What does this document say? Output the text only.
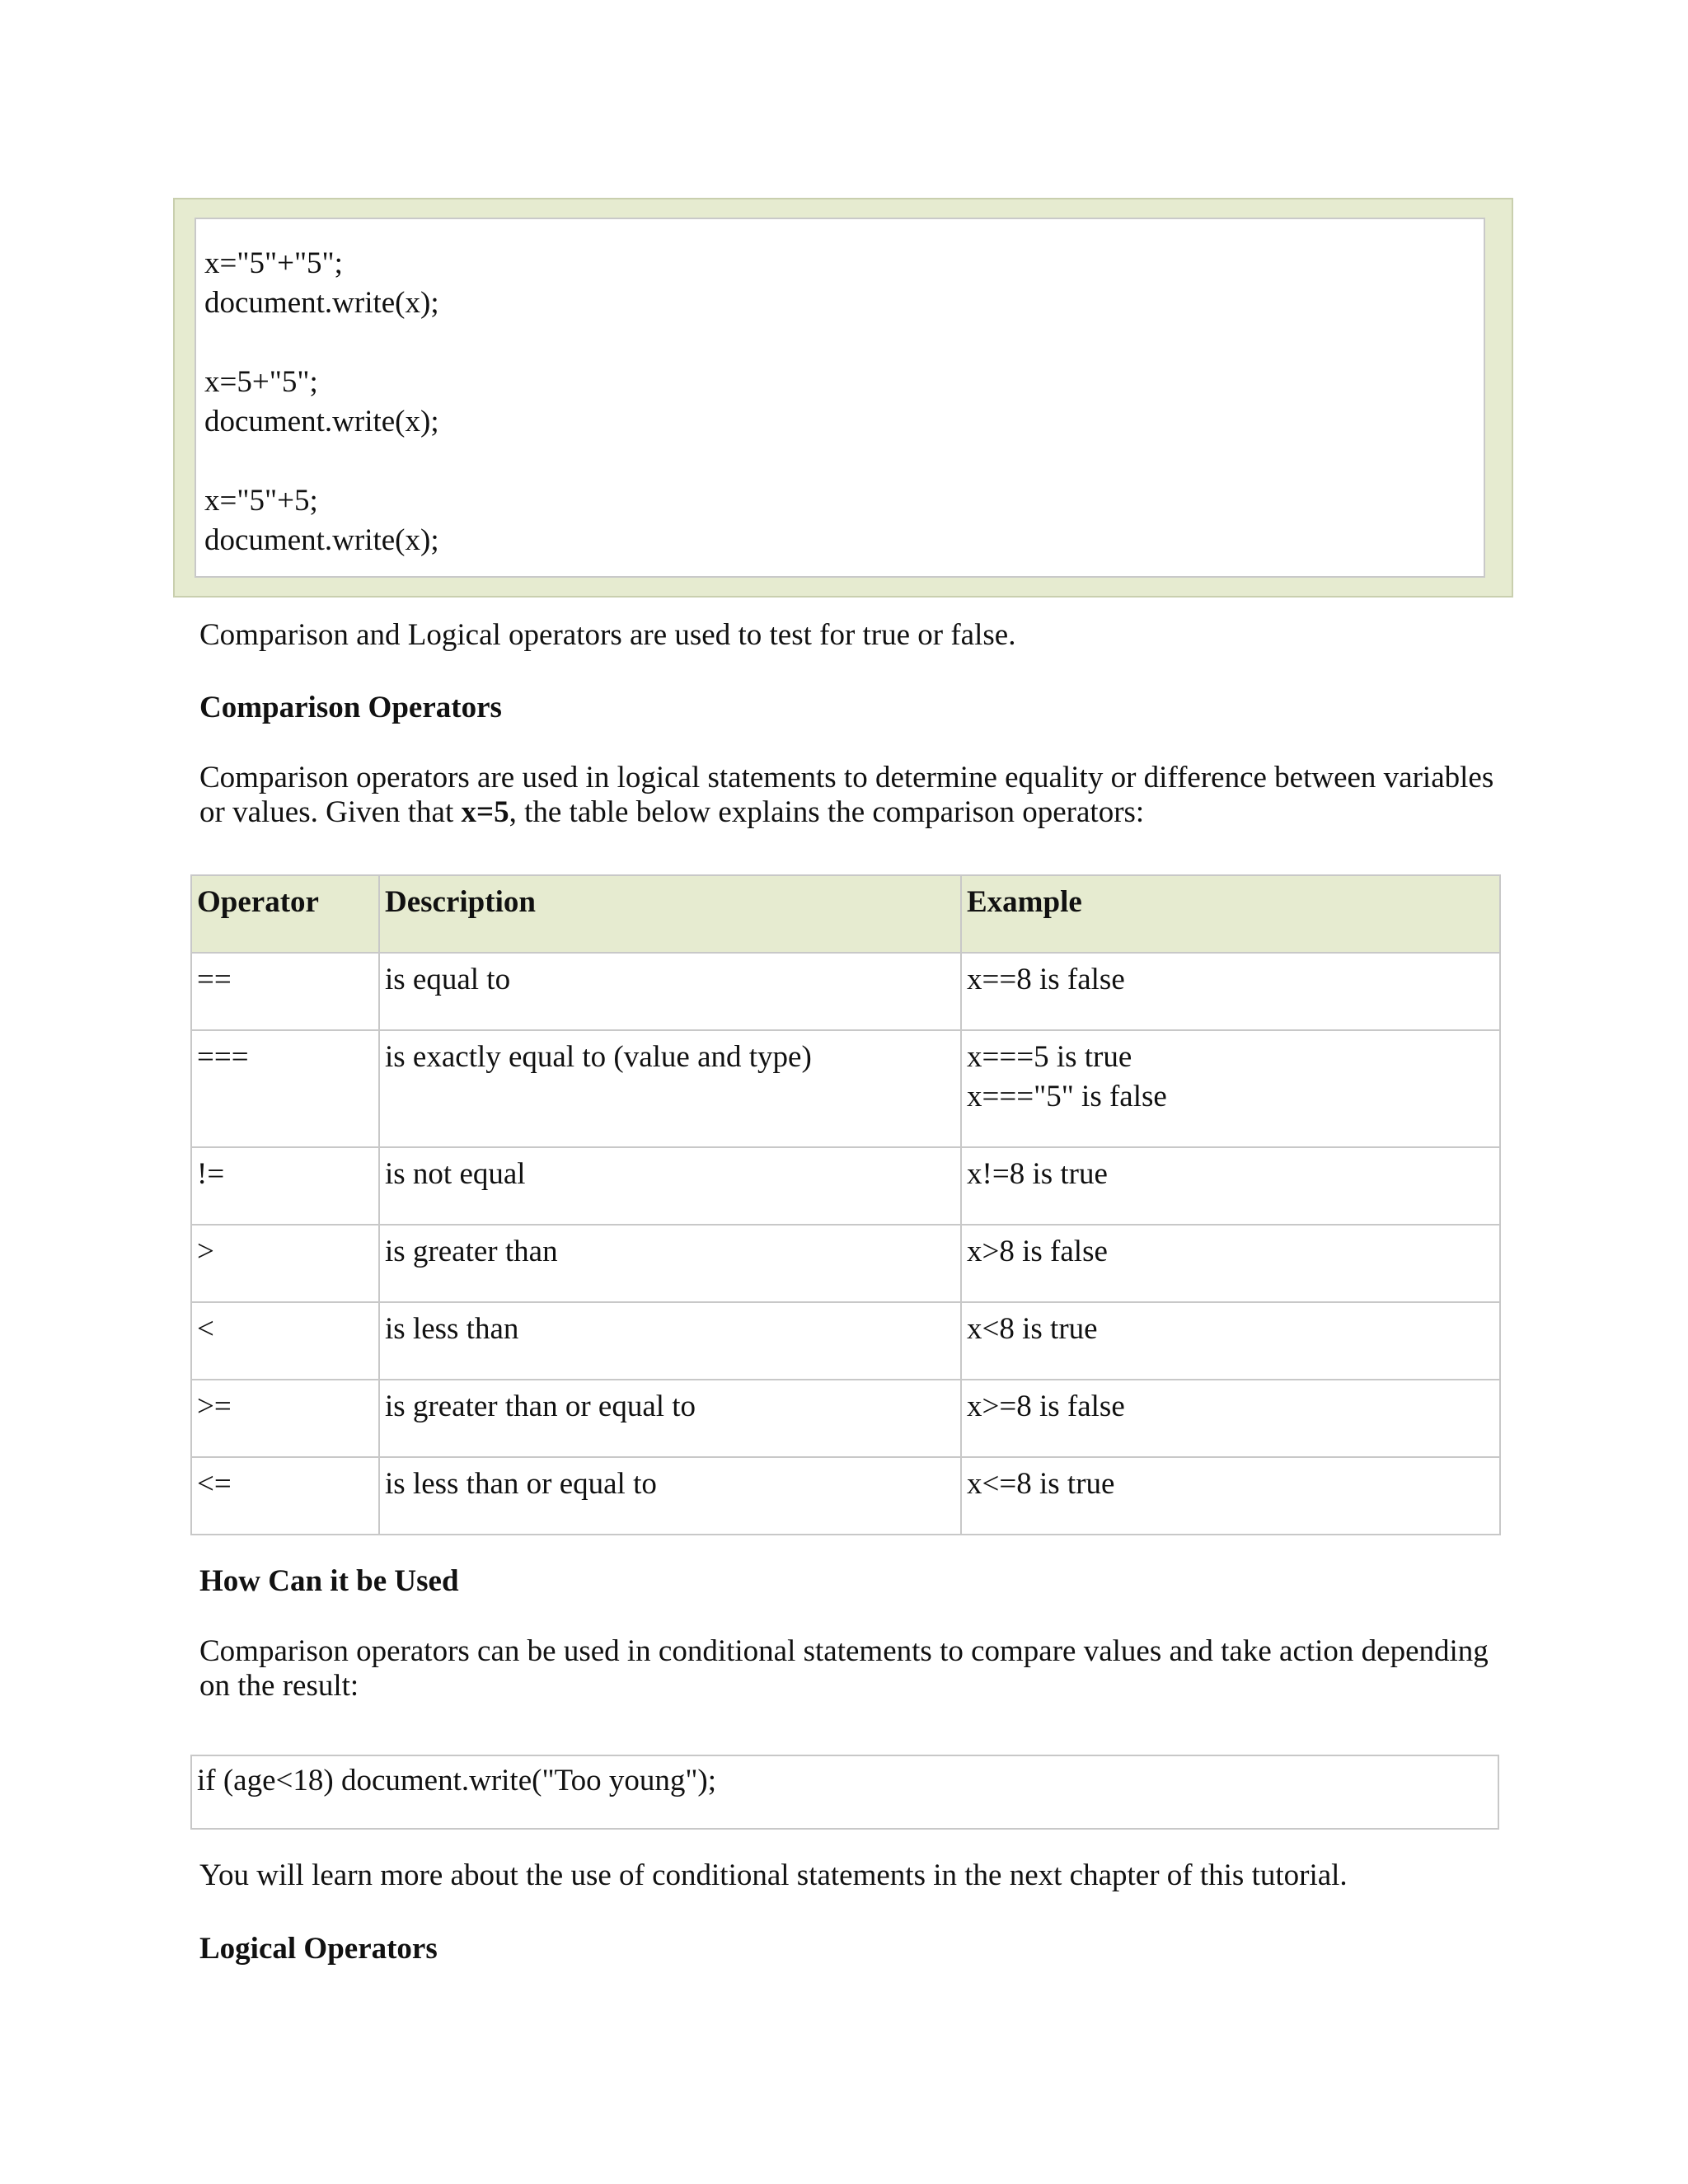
x="5"+"5";
document.write(x);
x=5+"5";
document.write(x);
x="5"+5;
document.write(x);

Comparison and Logical operators are used to test for true or false.

Comparison Operators

Comparison operators are used in logical statements to determine equality or difference between variables or values. Given that x=5, the table below explains the comparison operators:

Operator	Description	Example
==	is equal to	x==8 is false

===	is exactly equal to (value and type)	x===5 is true
x==="5" is false

!=	is not equal	x!=8 is true

>	is greater than	x>8 is false

<	is less than	x<8 is true

>=	is greater than or equal to	x>=8 is false

<=	is less than or equal to	x<=8 is true
How Can it be Used

Comparison operators can be used in conditional statements to compare values and take action depending on the result:

if (age<18) document.write("Too young");

You will learn more about the use of conditional statements in the next chapter of this tutorial.

Logical Operators
